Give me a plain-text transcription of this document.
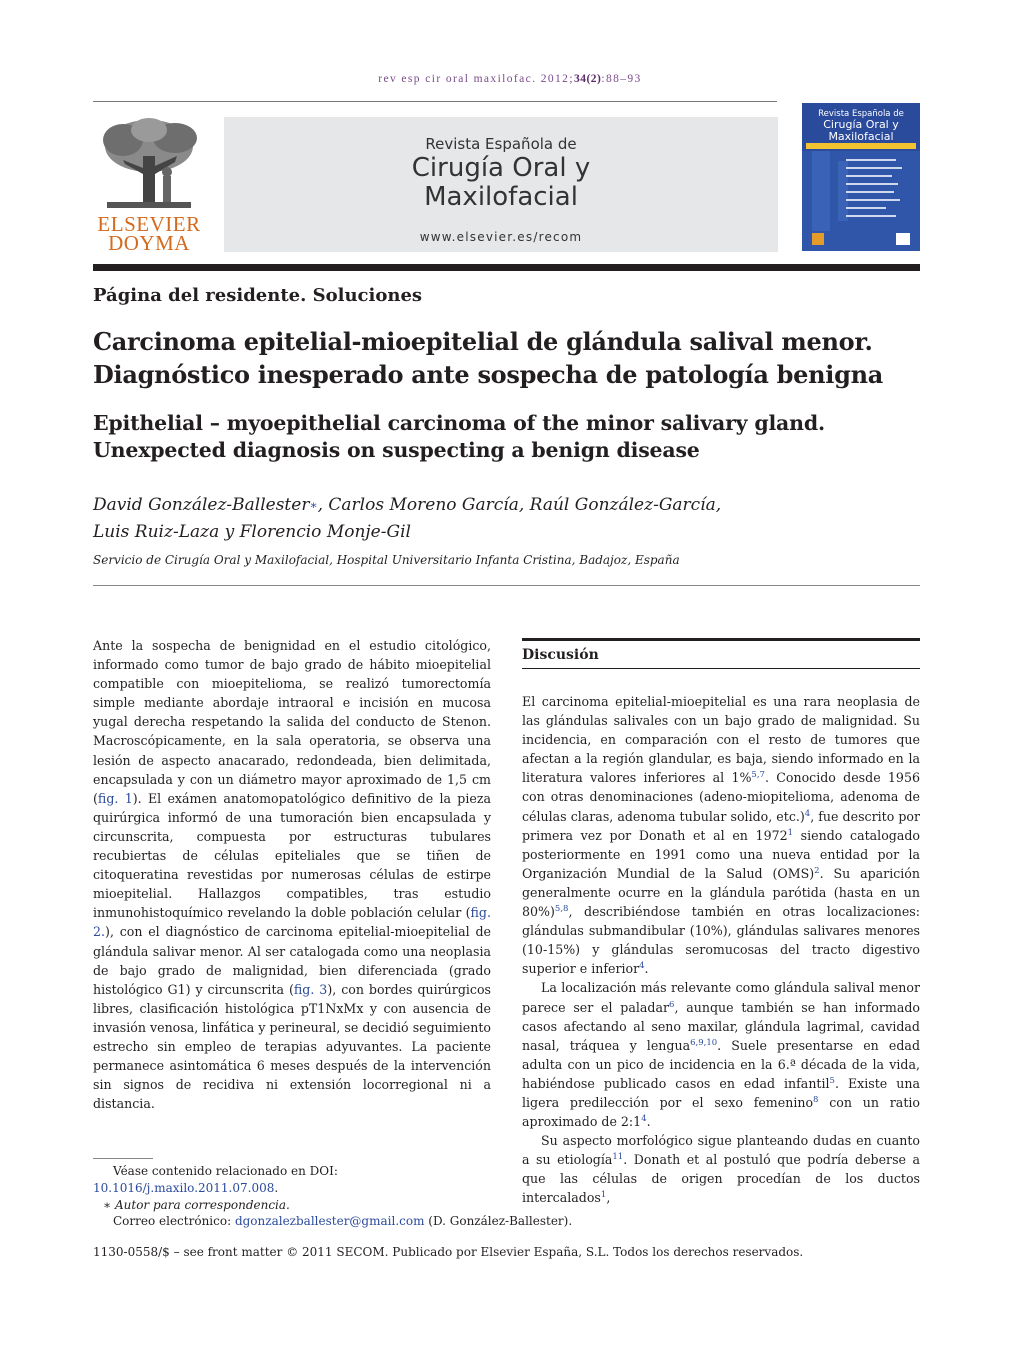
rev esp cir oral maxilofac. 2012;34(2):88–93
ELSEVIER
DOYMA
Revista Española de
Cirugía Oral y
Maxilofacial
www.elsevier.es/recom
Revista Española de
Cirugía Oral y
Maxilofacial
Página del residente. Soluciones
Carcinoma epitelial-mioepitelial de glándula salival menor.
Diagnóstico inesperado ante sospecha de patología benigna
Epithelial – myoepithelial carcinoma of the minor salivary gland.
Unexpected diagnosis on suspecting a benign disease
David González-Ballester∗, Carlos Moreno García, Raúl González-García,
Luis Ruiz-Laza y Florencio Monje-Gil
Servicio de Cirugía Oral y Maxilofacial, Hospital Universitario Infanta Cristina, Badajoz, España

Ante la sospecha de benignidad en el estudio citológico, informado como tumor de bajo grado de hábito mioepitelial compatible con mioepitelioma, se realizó tumorectomía simple mediante abordaje intraoral e incisión en mucosa yugal derecha respetando la salida del conducto de Stenon. Macroscópicamente, en la sala operatoria, se observa una lesión de aspecto anacarado, redondeada, bien delimitada, encapsulada y con un diámetro mayor aproximado de 1,5 cm (fig. 1). El exámen anatomopatológico definitivo de la pieza quirúrgica informó de una tumoración bien encapsulada y circunscrita, compuesta por estructuras tubulares recubiertas de células epiteliales que se tiñen de citoqueratina revestidas por numerosas células de estirpe mioepitelial. Hallazgos compatibles, tras estudio inmunohistoquímico revelando la doble población celular (fig. 2.), con el diagnóstico de carcinoma epitelial-mioepitelial de glándula salivar menor. Al ser catalogada como una neoplasia de bajo grado de malignidad, bien diferenciada (grado histológico G1) y circunscrita (fig. 3), con bordes quirúrgicos libres, clasificación histológica pT1NxMx y con ausencia de invasión venosa, linfática y perineural, se decidió seguimiento estrecho sin empleo de terapias adyuvantes. La paciente permanece asintomática 6 meses después de la intervención sin signos de recidiva ni extensión locorregional ni a distancia.

Discusión

El carcinoma epitelial-mioepitelial es una rara neoplasia de las glándulas salivales con un bajo grado de malignidad. Su incidencia, en comparación con el resto de tumores que afectan a la región glandular, es baja, siendo informado en la literatura valores inferiores al 1%$^{5,7}$. Conocido desde 1956 con otras denominaciones (adeno-miopitelioma, adenoma de células claras, adenoma tubular solido, etc.)$^4$, fue descrito por primera vez por Donath et al en 1972$^1$ siendo catalogado posteriormente en 1991 como una nueva entidad por la Organización Mundial de la Salud (OMS)$^2$. Su aparición generalmente ocurre en la glándula parótida (hasta en un 80%)$^{5,8}$, describiéndose también en otras localizaciones: glándulas submandibular (10%), glándulas salivares menores (10-15%) y glándulas seromucosas del tracto digestivo superior e inferior$^4$.

La localización más relevante como glándula salival menor parece ser el paladar$^6$, aunque también se han informado casos afectando al seno maxilar, glándula lagrimal, cavidad nasal, tráquea y lengua$^{6,9,10}$. Suele presentarse en edad adulta con un pico de incidencia en la 6.ª década de la vida, habiéndose publicado casos en edad infantil$^5$. Existe una ligera predilección por el sexo femenino$^8$ con un ratio aproximado de 2:1$^4$.

Su aspecto morfológico sigue planteando dudas en cuanto a su etiología$^{11}$. Donath et al postuló que podría deberse a que las células de origen procedían de los ductos intercalados$^1$,

Véase contenido relacionado en DOI:
10.1016/j.maxilo.2011.07.008.
∗ Autor para correspondencia.
Correo electrónico: dgonzalezballester@gmail.com (D. González-Ballester).
1130-0558/$ – see front matter © 2011 SECOM. Publicado por Elsevier España, S.L. Todos los derechos reservados.
